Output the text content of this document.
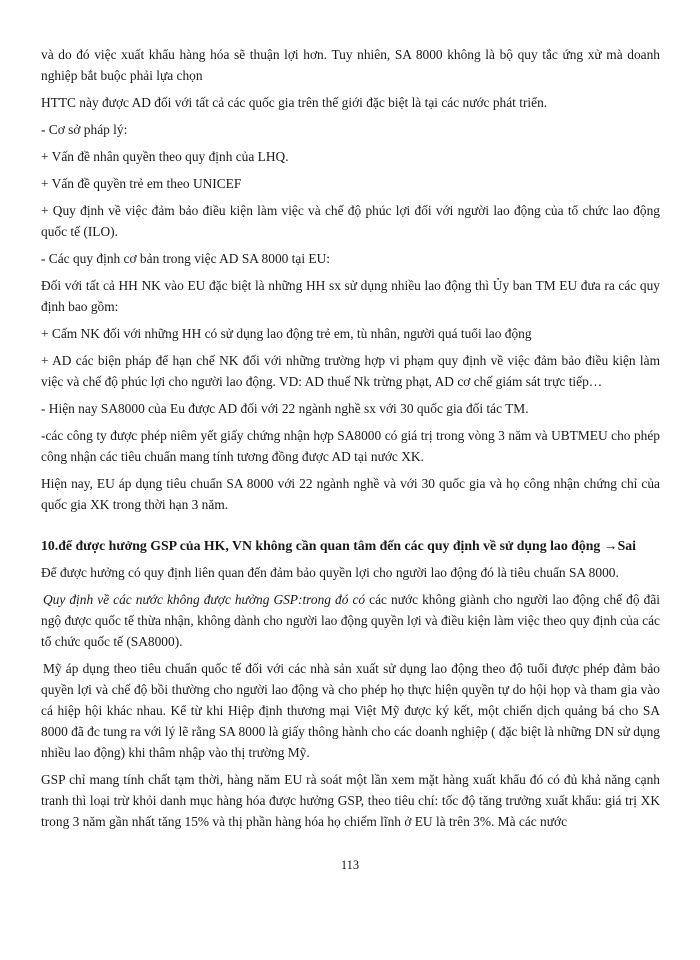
và do đó việc xuất khẩu hàng hóa sẽ thuận lợi hơn. Tuy nhiên, SA 8000 không là bộ quy tắc ứng xử mà doanh nghiệp bắt buộc phải lựa chọn

HTTC này được AD đối với tất cả các quốc gia trên thế giới đặc biệt là tại các nước phát triển.

- Cơ sở pháp lý:

+ Vấn đề nhân quyền theo quy định của LHQ.

+ Vấn đề quyền trẻ em theo UNICEF

+ Quy định về việc đảm bảo điều kiện làm việc và chế độ phúc lợi đối với người lao động của tổ chức lao động quốc tế (ILO).

- Các quy định cơ bản trong việc AD SA 8000 tại EU:

Đối với tất cả HH NK vào EU đặc biệt là những HH sx sử dụng nhiều lao động thì Ủy ban TM EU đưa ra các quy định bao gồm:

+ Cấm NK đối với những HH có sử dụng lao động trẻ em, tù nhân, người quá tuổi lao động

+ AD các biện pháp để hạn chế NK đối với những trường hợp vi phạm quy định về việc đảm bảo điều kiện làm việc và chế độ phúc lợi cho người lao động. VD: AD thuế Nk trừng phạt, AD cơ chế giám sát trực tiếp…

- Hiện nay SA8000 của Eu được AD đối với 22 ngành nghề sx với 30 quốc gia đối tác TM.

-các công ty được phép niêm yết giấy chứng nhận hợp SA8000 có giá trị trong vòng 3 năm và UBTMEU cho phép công nhận các tiêu chuẩn mang tính tương đồng được AD tại nước XK.

Hiện nay, EU áp dụng tiêu chuẩn SA 8000 với 22 ngành nghề và với 30 quốc gia và họ công nhận chứng chỉ của quốc gia XK trong thời hạn 3 năm.

10.để được hưởng GSP của HK, VN không cần quan tâm đến các quy định về sử dụng lao động →Sai

Để được hưởng có quy định liên quan đến đảm bảo quyền lợi cho người lao động đó là tiêu chuẩn SA 8000.

Quy định về các nước không được hưởng GSP:trong đó có các nước không giành cho người lao động chế độ đãi ngộ được quốc tế thừa nhận, không dành cho người lao động quyền lợi và điều kiện làm việc theo quy định của các tổ chức quốc tế (SA8000).

Mỹ áp dụng theo tiêu chuẩn quốc tế đối với các nhà sản xuất sử dụng lao động theo độ tuổi được phép đảm bảo quyền lợi và chế độ bồi thường cho người lao động và cho phép họ thực hiện quyền tự do hội họp và tham gia vào cá hiệp hội khác nhau. Kể từ khi Hiệp định thương mại Việt Mỹ được ký kết, một chiến dịch quảng bá cho SA 8000 đã đc tung ra với lý lẽ rằng SA 8000 là giấy thông hành cho các doanh nghiệp ( đặc biệt là những DN sử dụng nhiều lao động) khi thâm nhập vào thị trường Mỹ.

GSP chỉ mang tính chất tạm thời, hàng năm EU rà soát một lần xem mặt hàng xuất khẩu đó có đủ khả năng cạnh tranh thì loại trừ khỏi danh mục hàng hóa được hưởng GSP, theo tiêu chí: tốc độ tăng trưởng xuất khẩu: giá trị XK trong 3 năm gần nhất tăng 15% và thị phần hàng hóa họ chiếm lĩnh ở EU là trên 3%. Mà các nước

113
